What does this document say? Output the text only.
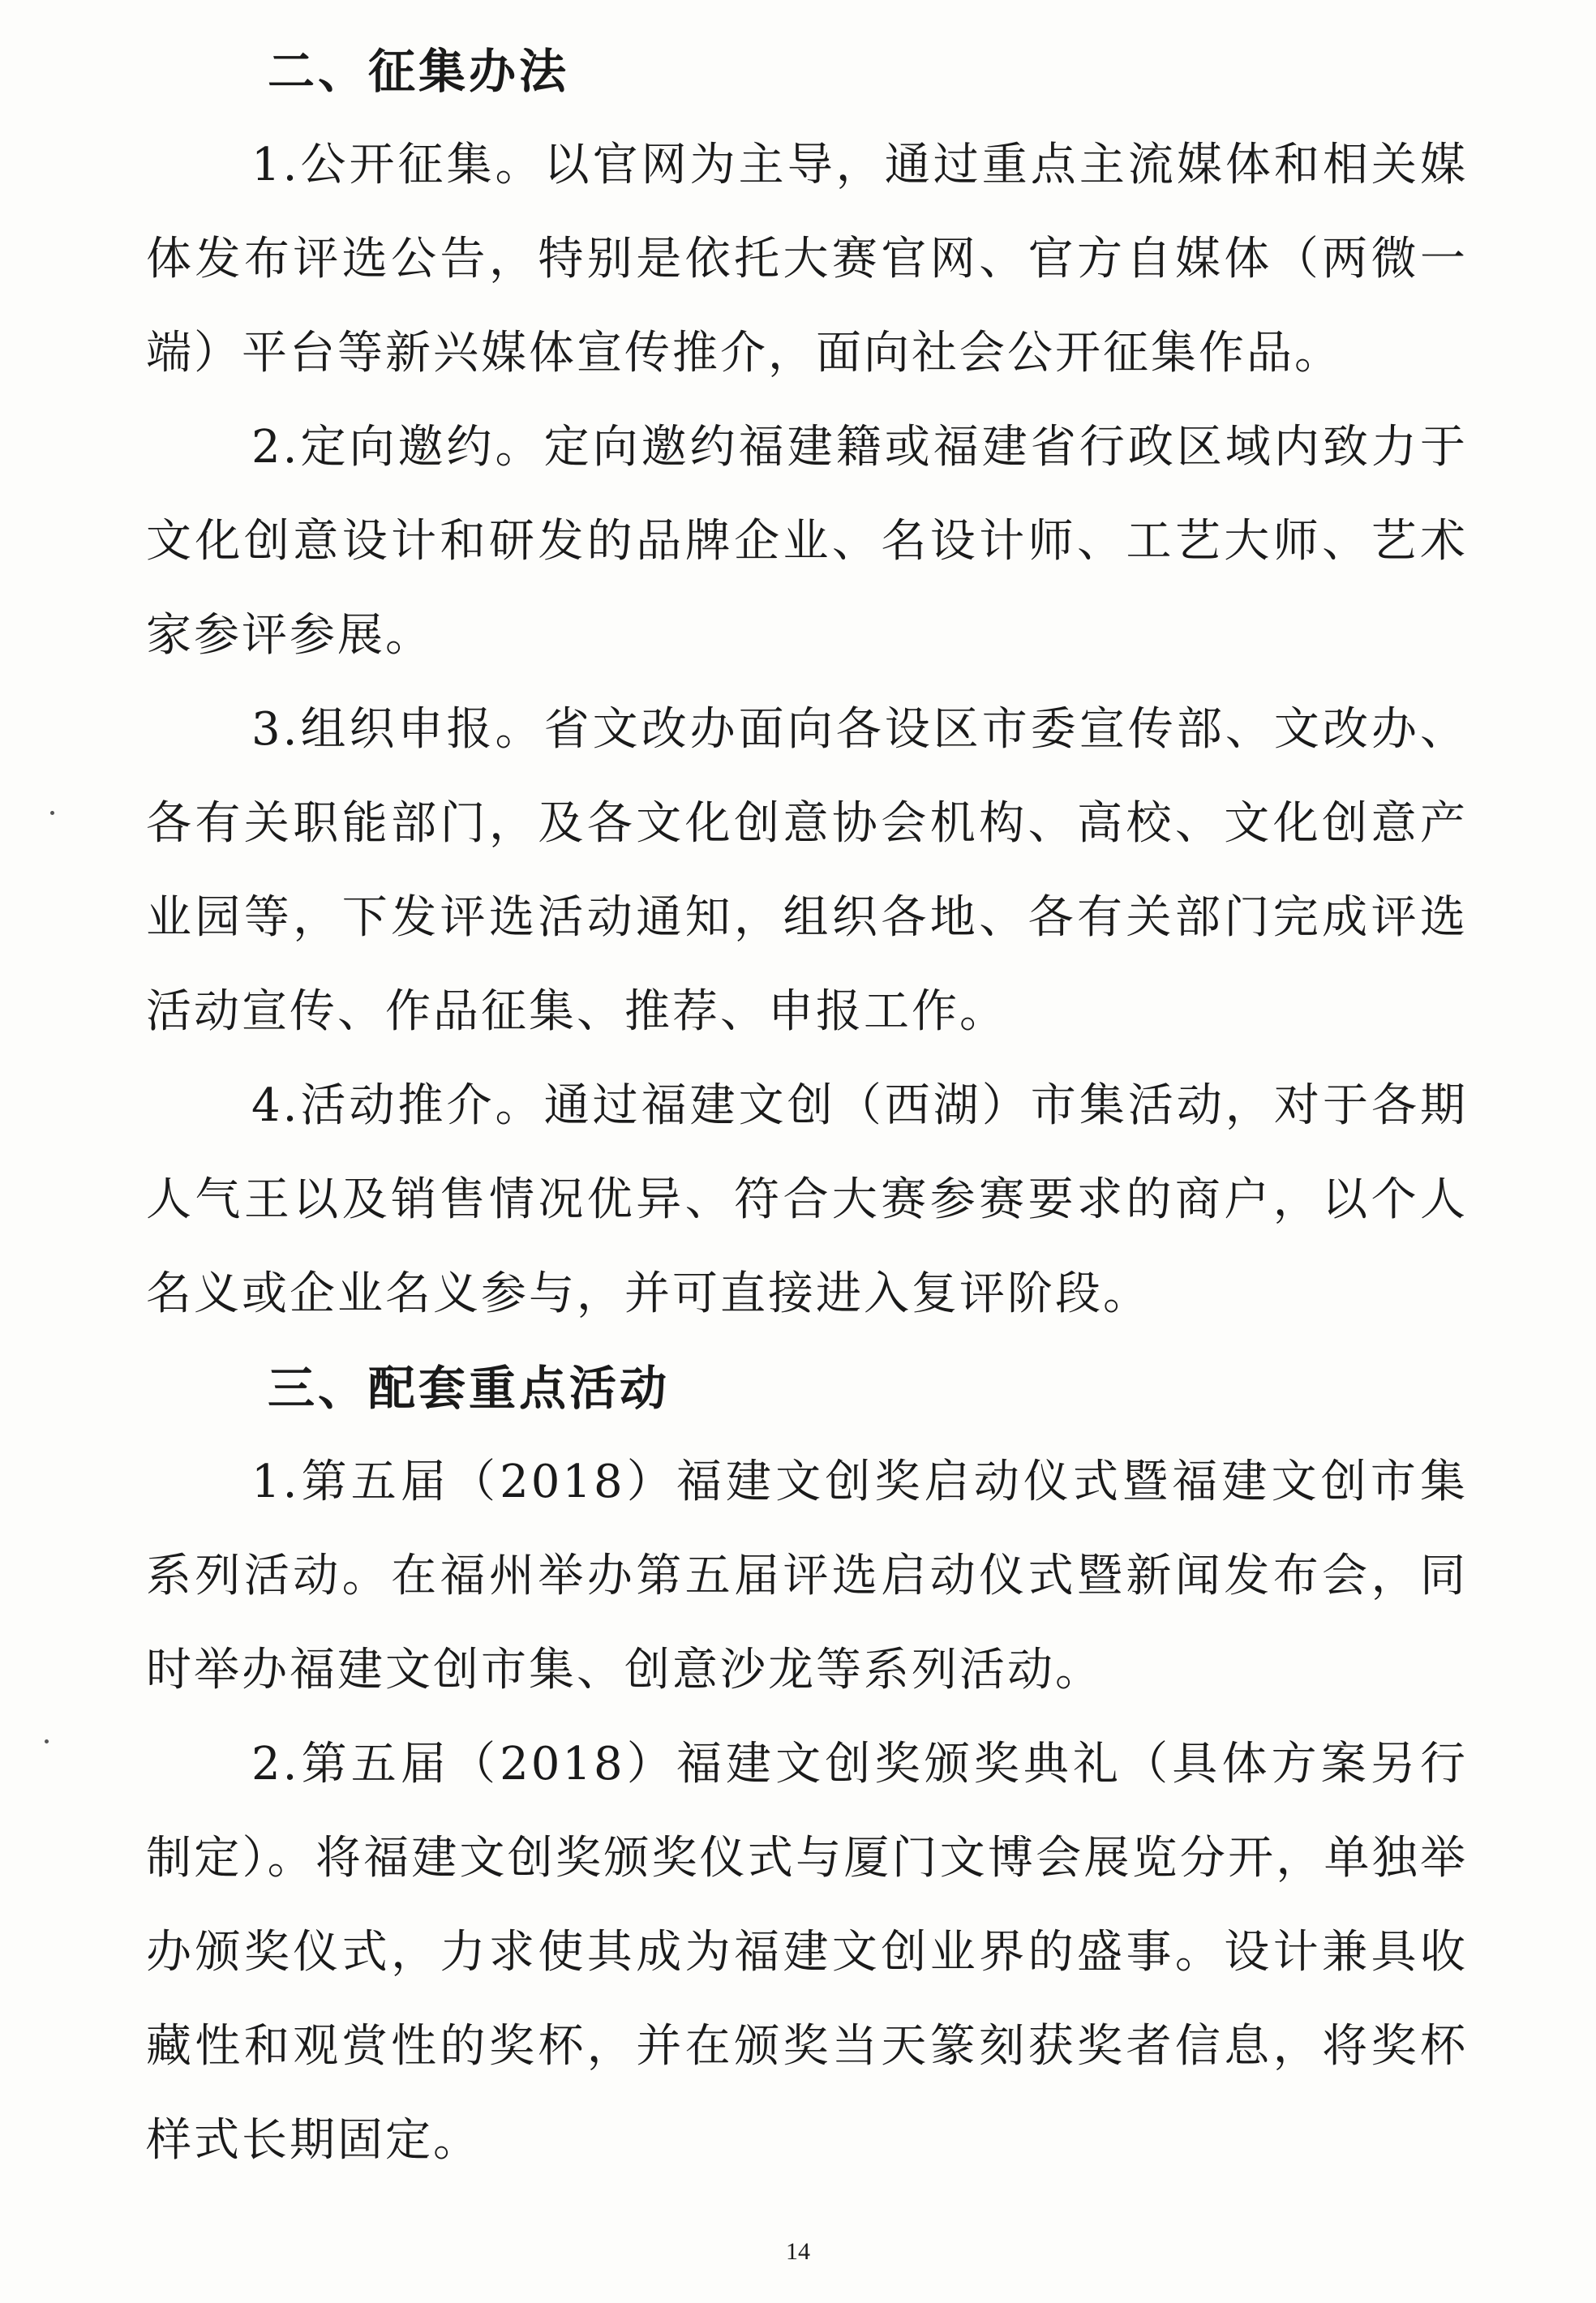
二、征集办法

1.公开征集。以官网为主导，通过重点主流媒体和相关媒体发布评选公告，特别是依托大赛官网、官方自媒体（两微一端）平台等新兴媒体宣传推介，面向社会公开征集作品。

2.定向邀约。定向邀约福建籍或福建省行政区域内致力于文化创意设计和研发的品牌企业、名设计师、工艺大师、艺术家参评参展。

3.组织申报。省文改办面向各设区市委宣传部、文改办、各有关职能部门，及各文化创意协会机构、高校、文化创意产业园等，下发评选活动通知，组织各地、各有关部门完成评选活动宣传、作品征集、推荐、申报工作。

4.活动推介。通过福建文创（西湖）市集活动，对于各期人气王以及销售情况优异、符合大赛参赛要求的商户，以个人名义或企业名义参与，并可直接进入复评阶段。

三、配套重点活动

1.第五届（2018）福建文创奖启动仪式暨福建文创市集系列活动。在福州举办第五届评选启动仪式暨新闻发布会，同时举办福建文创市集、创意沙龙等系列活动。

2.第五届（2018）福建文创奖颁奖典礼（具体方案另行制定）。将福建文创奖颁奖仪式与厦门文博会展览分开，单独举办颁奖仪式，力求使其成为福建文创业界的盛事。设计兼具收藏性和观赏性的奖杯，并在颁奖当天篆刻获奖者信息，将奖杯样式长期固定。

14
